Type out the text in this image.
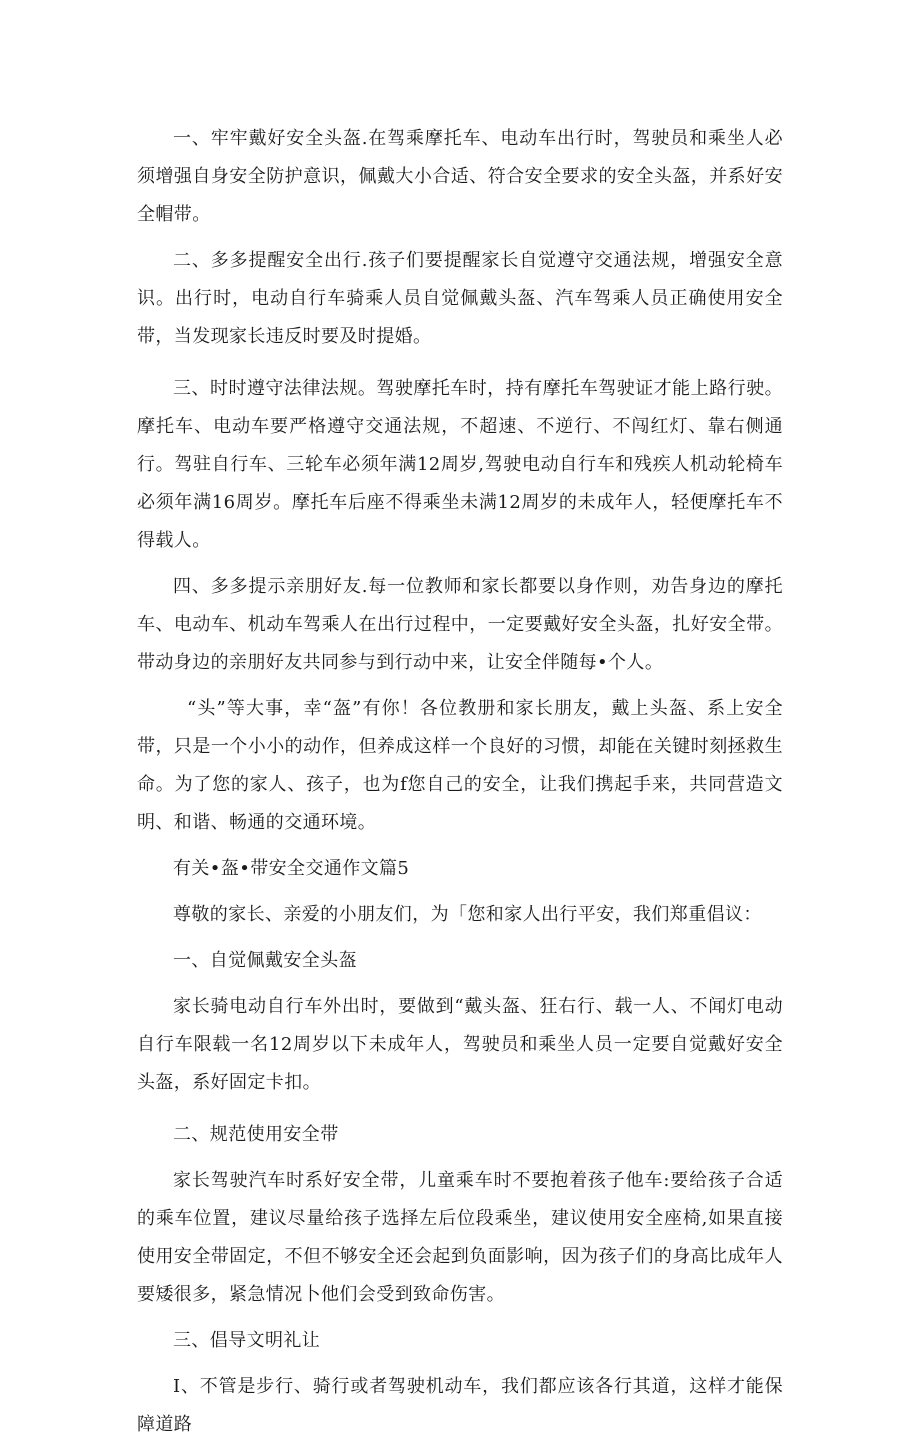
一、牢牢戴好安全头盔.在驾乘摩托车、电动车出行时，驾驶员和乘坐人必须增强自身安全防护意识，佩戴大小合适、符合安全要求的安全头盔，并系好安全帽带。

二、多多提醒安全出行.孩子们要提醒家长自觉遵守交通法规，增强安全意识。出行时，电动自行车骑乘人员自觉佩戴头盔、汽车驾乘人员正确使用安全带，当发现家长违反时要及时提婚。

三、时时遵守法律法规。驾驶摩托车时，持有摩托车驾驶证才能上路行驶。摩托车、电动车要严格遵守交通法规，不超速、不逆行、不闯红灯、靠右侧通行。驾驻自行车、三轮车必须年满12周岁,驾驶电动自行车和残疾人机动轮椅车必须年满16周岁。摩托车后座不得乘坐未满12周岁的未成年人，轻便摩托车不得载人。

四、多多提示亲朋好友.每一位教师和家长都要以身作则，劝告身边的摩托车、电动车、机动车驾乘人在出行过程中，一定要戴好安全头盔，扎好安全带。带动身边的亲朋好友共同参与到行动中来，让安全伴随每•个人。

“头”等大事，幸“盔”有你！各位教册和家长朋友，戴上头盔、系上安全带，只是一个小小的动作，但养成这样一个良好的习惯，却能在关键时刻拯救生命。为了您的家人、孩子，也为f您自己的安全，让我们携起手来，共同营造文明、和谐、畅通的交通环境。

有关•盔•带安全交通作文篇5

尊敬的家长、亲爱的小朋友们，为「您和家人出行平安，我们郑重倡议：

一、自觉佩戴安全头盔

家长骑电动自行车外出时，要做到“戴头盔、狂右行、载一人、不闻灯电动自行车限载一名12周岁以下未成年人，驾驶员和乘坐人员一定要自觉戴好安全头盔，系好固定卡扣。

二、规范使用安全带

家长驾驶汽车时系好安全带，儿童乘车时不要抱着孩子他车:要给孩子合适的乘车位置，建议尽量给孩子选择左后位段乘坐，建议使用安全座椅,如果直接使用安全带固定，不但不够安全还会起到负面影响，因为孩子们的身高比成年人要矮很多，紧急情况卜他们会受到致命伤害。

三、倡导文明礼让

I、不管是步行、骑行或者驾驶机动车，我们都应该各行其道，这样才能保障道路
